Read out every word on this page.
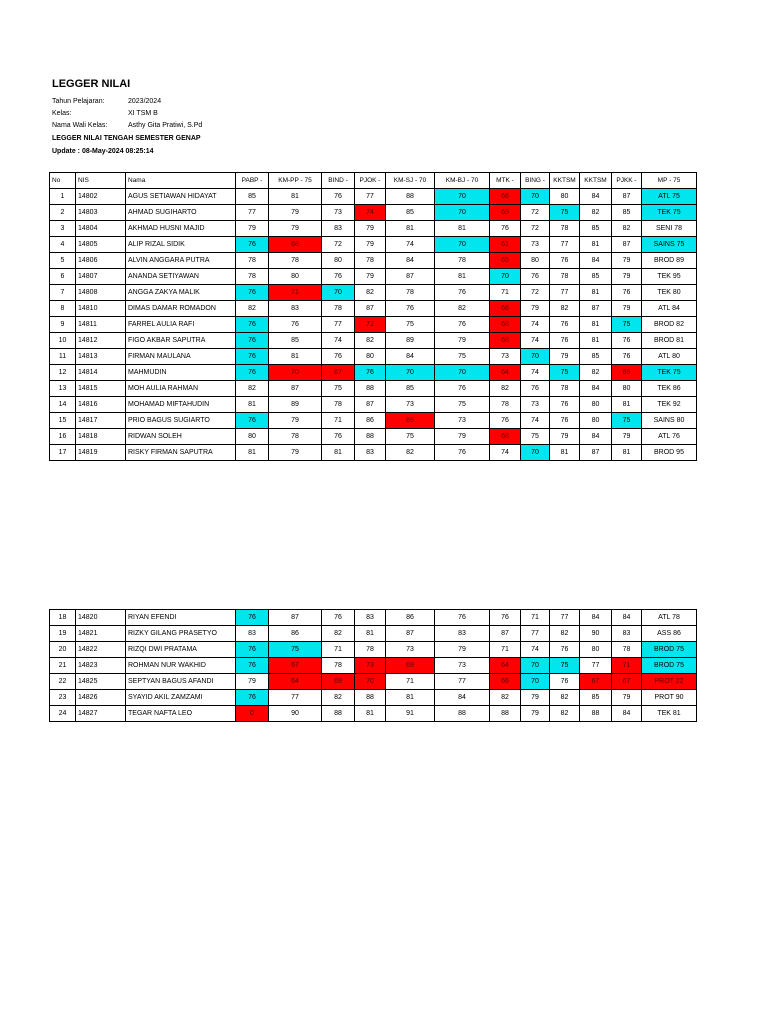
LEGGER NILAI
Tahun Pelajaran:	2023/2024
Kelas:	XI TSM B
Nama Wali Kelas:	Asthy Gita Pratiwi, S.Pd
LEGGER NILAI TENGAH SEMESTER GENAP
Update : 08-May-2024 08:25:14
No	NIS	Nama	PABP -	KM-PP - 75	BIND -	PJOK -	KM-SJ - 70	KM-BJ - 70	MTK -	BING -	KKTSM	KKTSM	PJKK -	MP - 75
1	14802	AGUS SETIAWAN HIDAYAT	85	81	76	77	88	70	66	70	80	84	87	ATL 75
2	14803	AHMAD SUGIHARTO	77	79	73	74	85	70	69	72	75	82	85	TEK 75
3	14804	AKHMAD HUSNI MAJID	79	79	83	79	81	81	76	72	78	85	82	SENI 78
4	14805	ALIP RIZAL SIDIK	76	68	72	79	74	70	61	73	77	81	87	SAINS 75
5	14806	ALVIN ANGGARA PUTRA	78	78	80	78	84	78	65	80	76	84	79	BROD 89
6	14807	ANANDA SETIYAWAN	78	80	76	79	87	81	70	76	78	85	79	TEK 95
7	14808	ANGGA ZAKYA MALIK	76	71	70	82	78	76	71	72	77	81	76	TEK 80
8	14810	DIMAS DAMAR ROMADON	82	83	78	87	76	82	66	79	82	87	79	ATL 84
9	14811	FARREL AULIA RAFI	76	76	77	72	75	76	68	74	76	81	75	BROD 82
10	14812	FIGO AKBAR SAPUTRA	76	85	74	82	89	79	68	74	76	81	76	BROD 81
11	14813	FIRMAN MAULANA	76	81	76	80	84	75	73	70	79	85	76	ATL 80
12	14814	MAHMUDIN	76	70	67	76	70	70	64	74	75	82	69	TEK 75
13	14815	MOH AULIA RAHMAN	82	87	75	88	85	76	82	76	78	84	80	TEK 86
14	14816	MOHAMAD MIFTAHUDIN	81	89	78	87	73	75	78	73	76	80	81	TEK 92
15	14817	PRIO BAGUS SUGIARTO	76	79	71	86	69	73	76	74	76	80	75	SAINS 80
16	14818	RIDWAN SOLEH	80	78	76	88	75	79	68	75	79	84	79	ATL 76
17	14819	RISKY FIRMAN SAPUTRA	81	79	81	83	82	76	74	70	81	87	81	BROD 95
18	14820	RIYAN EFENDI	76	87	76	83	86	76	76	71	77	84	84	ATL 78
19	14821	RIZKY GILANG PRASETYO	83	86	82	81	87	83	87	77	82	90	83	ASS 86
20	14822	RIZQI DWI PRATAMA	76	75	71	78	73	79	71	74	76	80	78	BROD 75
21	14823	ROHMAN NUR WAKHID	76	67	78	73	69	73	64	70	75	77	71	BROD 75
22	14825	SEPTYAN BAGUS AFANDI	79	64	69	70	71	77	66	70	76	67	67	PROT 22
23	14826	SYAYID AKIL ZAMZAMI	76	77	82	88	81	84	82	79	82	85	79	PROT 90
24	14827	TEGAR NAFTA LEO	0	90	88	81	91	88	88	79	82	88	84	TEK 81
